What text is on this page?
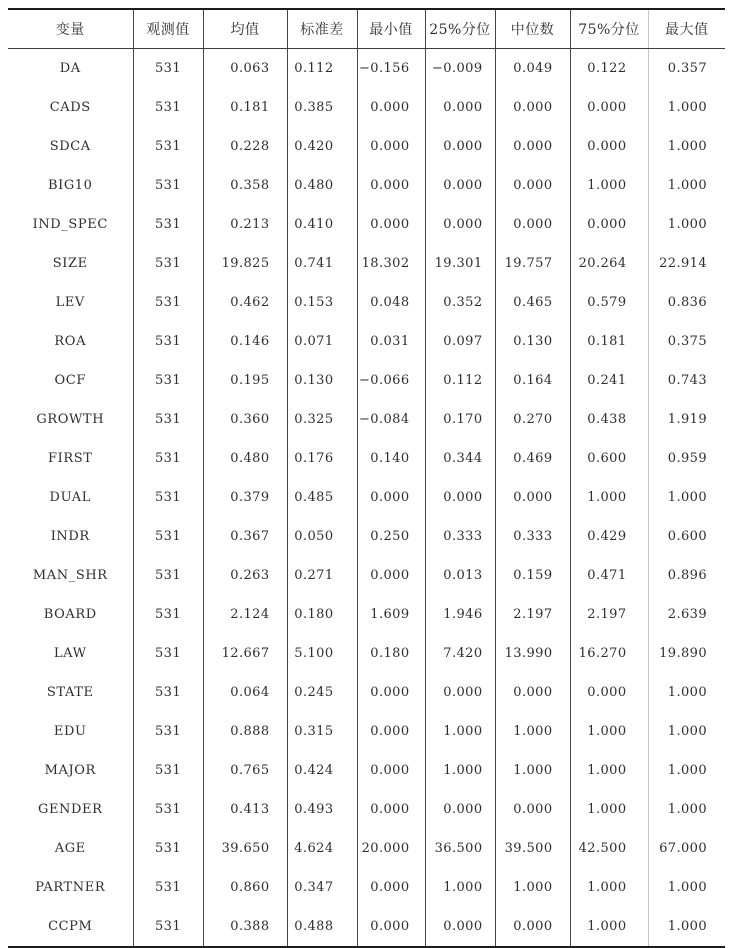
变量	观测值	均值	标准差	最小值	25%分位	中位数	75%分位	最大值
DA	531	0.063	0.112	−0.156	−0.009	0.049	0.122	0.357
CADS	531	0.181	0.385	0.000	0.000	0.000	0.000	1.000
SDCA	531	0.228	0.420	0.000	0.000	0.000	0.000	1.000
BIG10	531	0.358	0.480	0.000	0.000	0.000	1.000	1.000
IND_SPEC	531	0.213	0.410	0.000	0.000	0.000	0.000	1.000
SIZE	531	19.825	0.741	18.302	19.301	19.757	20.264	22.914
LEV	531	0.462	0.153	0.048	0.352	0.465	0.579	0.836
ROA	531	0.146	0.071	0.031	0.097	0.130	0.181	0.375
OCF	531	0.195	0.130	−0.066	0.112	0.164	0.241	0.743
GROWTH	531	0.360	0.325	−0.084	0.170	0.270	0.438	1.919
FIRST	531	0.480	0.176	0.140	0.344	0.469	0.600	0.959
DUAL	531	0.379	0.485	0.000	0.000	0.000	1.000	1.000
INDR	531	0.367	0.050	0.250	0.333	0.333	0.429	0.600
MAN_SHR	531	0.263	0.271	0.000	0.013	0.159	0.471	0.896
BOARD	531	2.124	0.180	1.609	1.946	2.197	2.197	2.639
LAW	531	12.667	5.100	0.180	7.420	13.990	16.270	19.890
STATE	531	0.064	0.245	0.000	0.000	0.000	0.000	1.000
EDU	531	0.888	0.315	0.000	1.000	1.000	1.000	1.000
MAJOR	531	0.765	0.424	0.000	1.000	1.000	1.000	1.000
GENDER	531	0.413	0.493	0.000	0.000	0.000	1.000	1.000
AGE	531	39.650	4.624	20.000	36.500	39.500	42.500	67.000
PARTNER	531	0.860	0.347	0.000	1.000	1.000	1.000	1.000
CCPM	531	0.388	0.488	0.000	0.000	0.000	1.000	1.000
